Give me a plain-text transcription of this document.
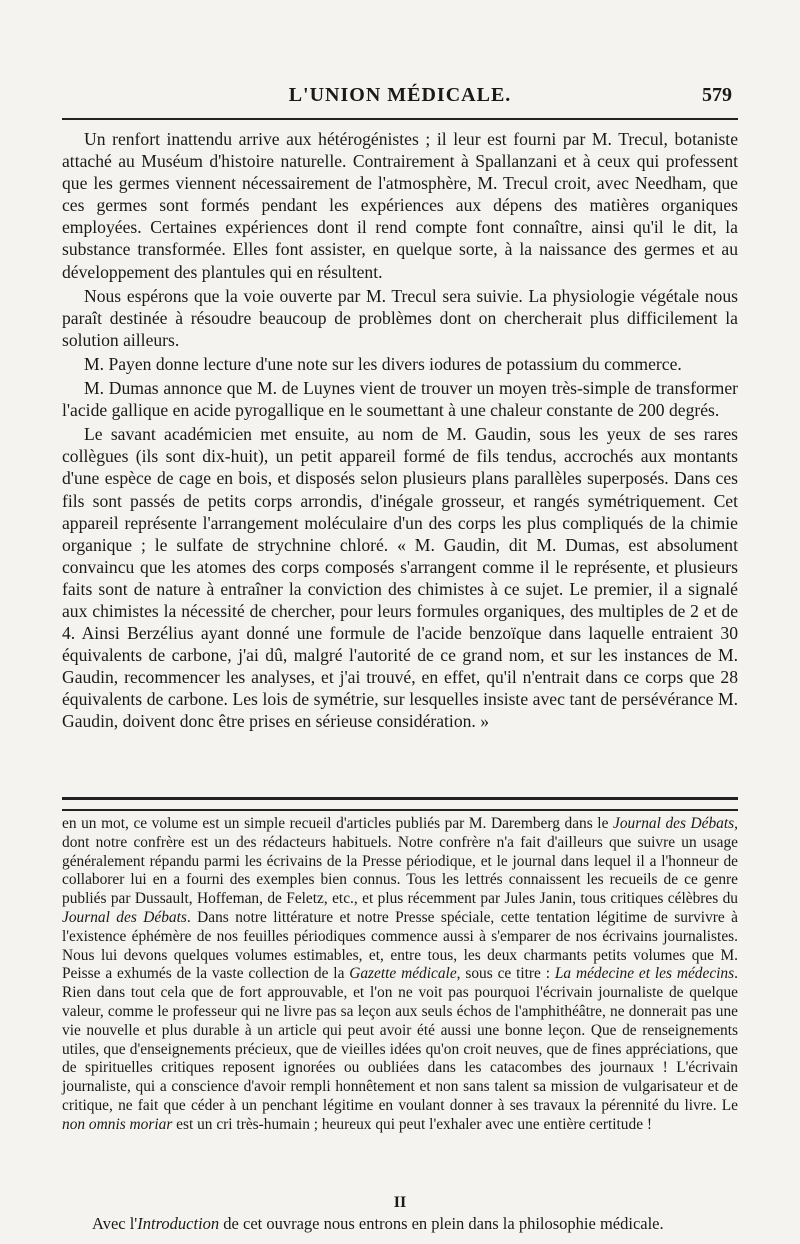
L'UNION MÉDICALE.	579

Un renfort inattendu arrive aux hétérogénistes ; il leur est fourni par M. Trecul, botaniste attaché au Muséum d'histoire naturelle. Contrairement à Spallanzani et à ceux qui professent que les germes viennent nécessairement de l'atmosphère, M. Trecul croit, avec Needham, que ces germes sont formés pendant les expériences aux dépens des matières organiques employées. Certaines expériences dont il rend compte font connaître, ainsi qu'il le dit, la substance transformée. Elles font assister, en quelque sorte, à la naissance des germes et au développement des plantules qui en résultent.

Nous espérons que la voie ouverte par M. Trecul sera suivie. La physiologie végétale nous paraît destinée à résoudre beaucoup de problèmes dont on chercherait plus difficilement la solution ailleurs.

M. Payen donne lecture d'une note sur les divers iodures de potassium du commerce.

M. Dumas annonce que M. de Luynes vient de trouver un moyen très-simple de transformer l'acide gallique en acide pyrogallique en le soumettant à une chaleur constante de 200 degrés.

Le savant académicien met ensuite, au nom de M. Gaudin, sous les yeux de ses rares collègues (ils sont dix-huit), un petit appareil formé de fils tendus, accrochés aux montants d'une espèce de cage en bois, et disposés selon plusieurs plans parallèles superposés. Dans ces fils sont passés de petits corps arrondis, d'inégale grosseur, et rangés symétriquement. Cet appareil représente l'arrangement moléculaire d'un des corps les plus compliqués de la chimie organique ; le sulfate de strychnine chloré. « M. Gaudin, dit M. Dumas, est absolument convaincu que les atomes des corps composés s'arrangent comme il le représente, et plusieurs faits sont de nature à entraîner la conviction des chimistes à ce sujet. Le premier, il a signalé aux chimistes la nécessité de chercher, pour leurs formules organiques, des multiples de 2 et de 4. Ainsi Berzélius ayant donné une formule de l'acide benzoïque dans laquelle entraient 30 équivalents de carbone, j'ai dû, malgré l'autorité de ce grand nom, et sur les instances de M. Gaudin, recommencer les analyses, et j'ai trouvé, en effet, qu'il n'entrait dans ce corps que 28 équivalents de carbone. Les lois de symétrie, sur lesquelles insiste avec tant de persévérance M. Gaudin, doivent donc être prises en sérieuse considération. »

en un mot, ce volume est un simple recueil d'articles publiés par M. Daremberg dans le Journal des Débats, dont notre confrère est un des rédacteurs habituels. Notre confrère n'a fait d'ailleurs que suivre un usage généralement répandu parmi les écrivains de la Presse périodique, et le journal dans lequel il a l'honneur de collaborer lui en a fourni des exemples bien connus. Tous les lettrés connaissent les recueils de ce genre publiés par Dussault, Hoffeman, de Feletz, etc., et plus récemment par Jules Janin, tous critiques célèbres du Journal des Débats. Dans notre littérature et notre Presse spéciale, cette tentation légitime de survivre à l'existence éphémère de nos feuilles périodiques commence aussi à s'emparer de nos écrivains journalistes. Nous lui devons quelques volumes estimables, et, entre tous, les deux charmants petits volumes que M. Peisse a exhumés de la vaste collection de la Gazette médicale, sous ce titre : La médecine et les médecins. Rien dans tout cela que de fort approuvable, et l'on ne voit pas pourquoi l'écrivain journaliste de quelque valeur, comme le professeur qui ne livre pas sa leçon aux seuls échos de l'amphithéâtre, ne donnerait pas une vie nouvelle et plus durable à un article qui peut avoir été aussi une bonne leçon. Que de renseignements utiles, que d'enseignements précieux, que de vieilles idées qu'on croit neuves, que de fines appréciations, que de spirituelles critiques reposent ignorées ou oubliées dans les catacombes des journaux ! L'écrivain journaliste, qui a conscience d'avoir rempli honnêtement et non sans talent sa mission de vulgarisateur et de critique, ne fait que céder à un penchant légitime en voulant donner à ses travaux la pérennité du livre. Le non omnis moriar est un cri très-humain ; heureux qui peut l'exhaler avec une entière certitude !

II
Avec l'Introduction de cet ouvrage nous entrons en plein dans la philosophie médicale.
